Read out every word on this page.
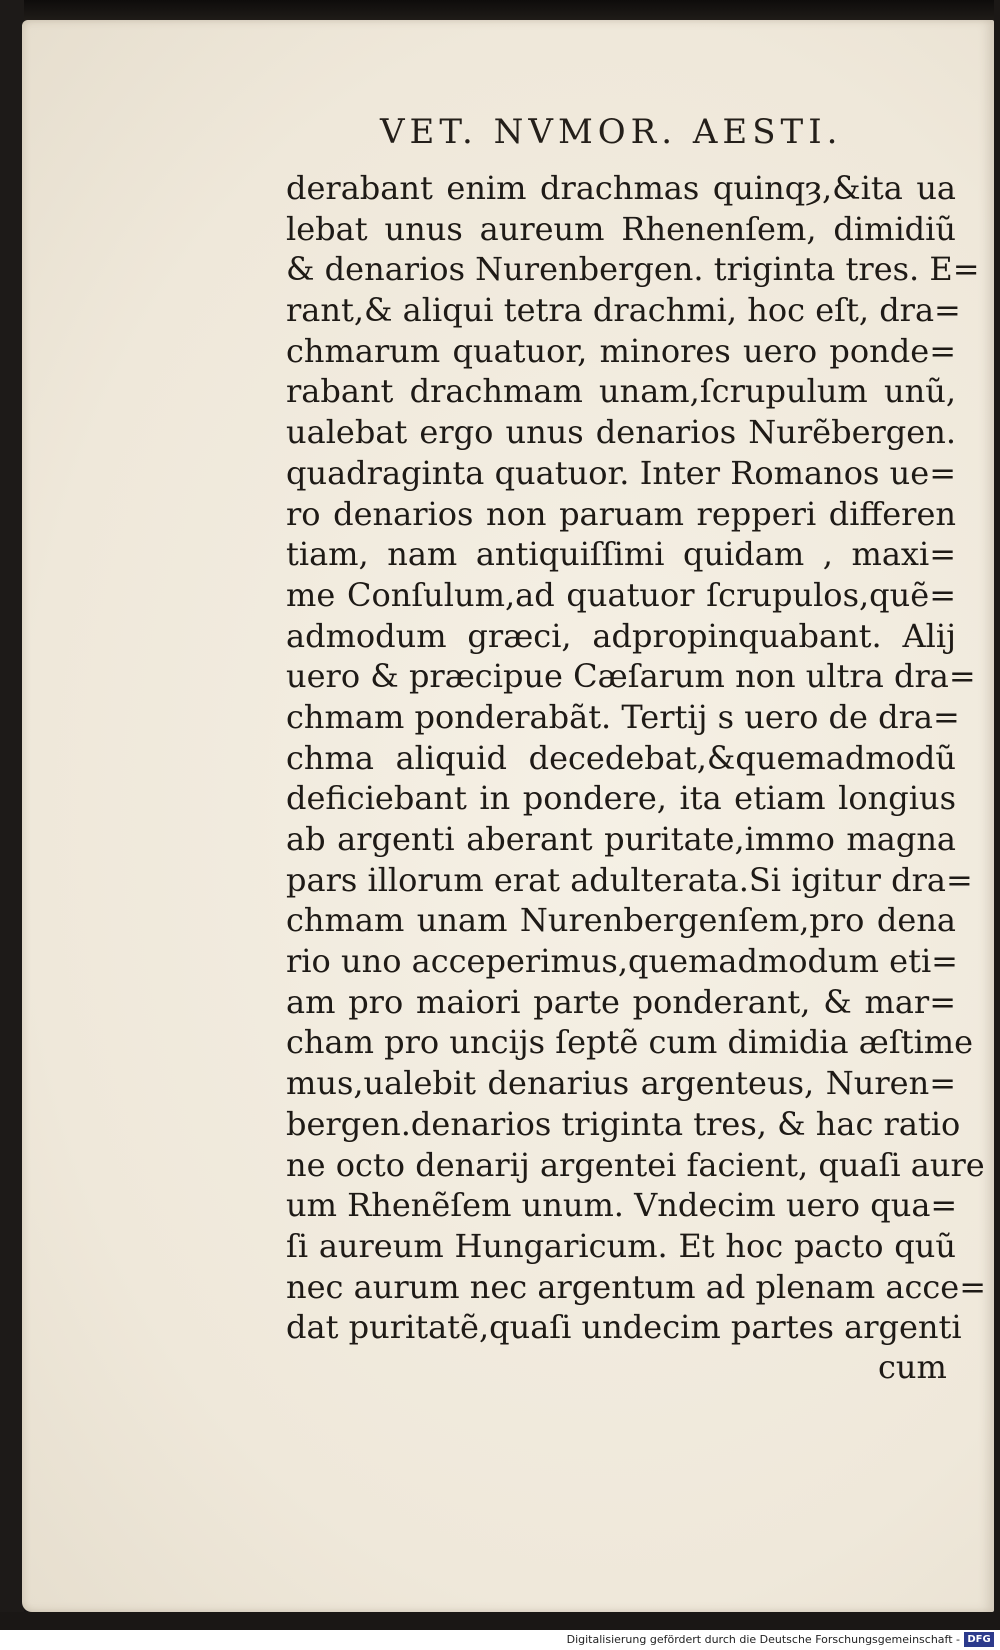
VET. NVMOR. AESTI.
derabant enim drachmas quinqȝ,&ita ua
lebat unus aureum Rhenenſem, dimidiũ
& denarios Nurenbergen. triginta tres. E=
rant,& aliqui tetra drachmi, hoc eſt, dra=
chmarum quatuor, minores uero ponde=
rabant drachmam unam,ſcrupulum unũ,
ualebat ergo unus denarios Nurẽbergen.
quadraginta quatuor. Inter Romanos ue=
ro denarios non paruam repperi differen
tiam, nam antiquiſſimi quidam , maxi=
me Conſulum,ad quatuor ſcrupulos,quẽ=
admodum græci, adpropinquabant. Alij
uero & præcipue Cæſarum non ultra dra=
chmam ponderabãt. Tertij s uero de dra=
chma aliquid decedebat,&quemadmodũ
deficiebant in pondere, ita etiam longius
ab argenti aberant puritate,immo magna
pars illorum erat adulterata.Si igitur dra=
chmam unam Nurenbergenſem,pro dena
rio uno acceperimus,quemadmodum eti=
am pro maiori parte ponderant, & mar=
cham pro uncijs ſeptẽ cum dimidia æſtime
mus,ualebit denarius argenteus, Nuren=
bergen.denarios triginta tres, & hac ratio
ne octo denarij argentei facient, quaſi aure
um Rhenẽſem unum. Vndecim uero qua=
ſi aureum Hungaricum. Et hoc pacto quũ
nec aurum nec argentum ad plenam acce=
dat puritatẽ,quaſi undecim partes argenti
cum
Digitalisierung gefördert durch die Deutsche Forschungsgemeinschaft - DFG
